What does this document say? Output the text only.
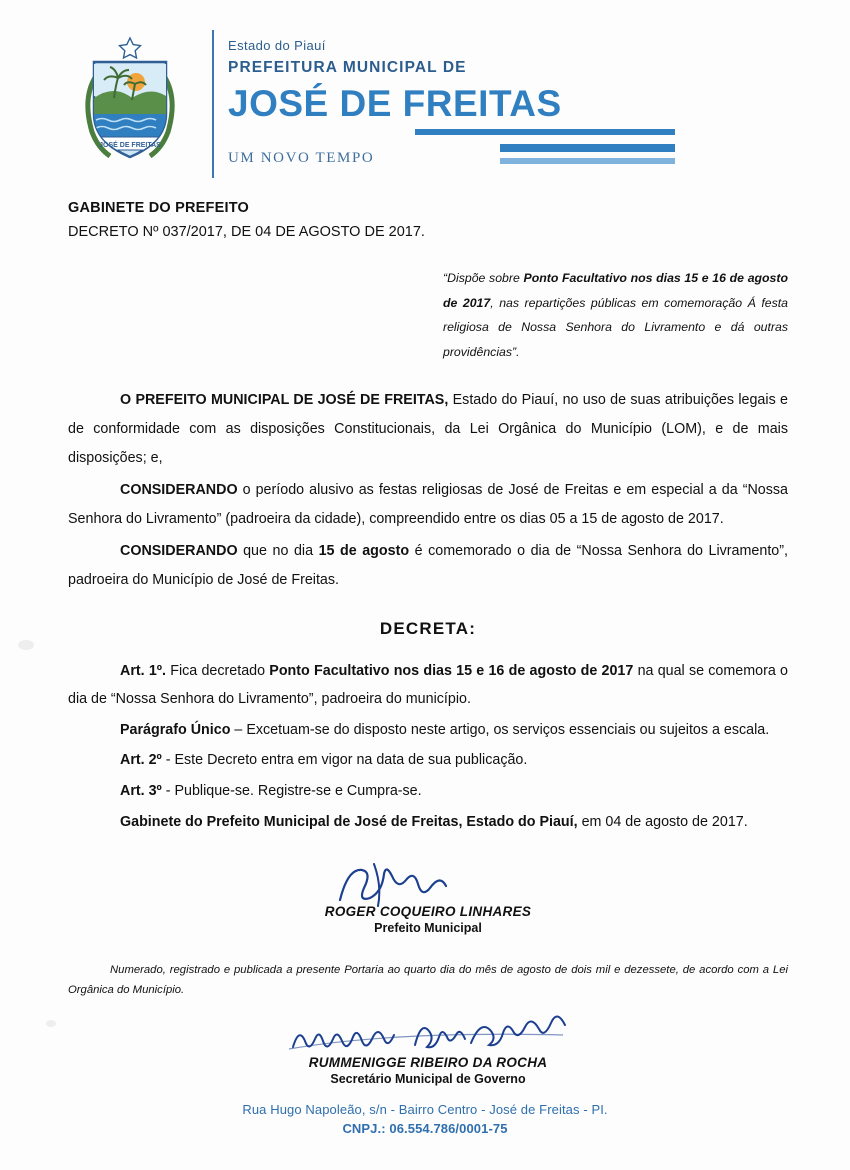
JOSÉ DE FREITAS

Estado do Piauí

PREFEITURA MUNICIPAL DE

JOSÉ DE FREITAS
UM NOVO TEMPO

GABINETE DO PREFEITO

DECRETO Nº 037/2017, DE 04 DE AGOSTO DE 2017.

“Dispõe sobre Ponto Facultativo nos dias 15 e 16 de agosto de 2017, nas repartições públicas em comemoração Á festa religiosa de Nossa Senhora do Livramento e dá outras providências”.

O PREFEITO MUNICIPAL DE JOSÉ DE FREITAS, Estado do Piauí, no uso de suas atribuições legais e de conformidade com as disposições Constitucionais, da Lei Orgânica do Município (LOM), e de mais disposições; e,

CONSIDERANDO o período alusivo as festas religiosas de José de Freitas e em especial a da “Nossa Senhora do Livramento” (padroeira da cidade), compreendido entre os dias 05 a 15 de agosto de 2017.

CONSIDERANDO que no dia 15 de agosto é comemorado o dia de “Nossa Senhora do Livramento”, padroeira do Município de José de Freitas.

DECRETA:

Art. 1º. Fica decretado Ponto Facultativo nos dias 15 e 16 de agosto de 2017 na qual se comemora o dia de “Nossa Senhora do Livramento”, padroeira do município.

Parágrafo Único – Excetuam-se do disposto neste artigo, os serviços essenciais ou sujeitos a escala.

Art. 2º - Este Decreto entra em vigor na data de sua publicação.

Art. 3º - Publique-se. Registre-se e Cumpra-se.

Gabinete do Prefeito Municipal de José de Freitas, Estado do Piauí, em 04 de agosto de 2017.

ROGER COQUEIRO LINHARES

Prefeito Municipal

Numerado, registrado e publicada a presente Portaria ao quarto dia do mês de agosto de dois mil e dezessete, de acordo com a Lei Orgânica do Município.

RUMMENIGGE RIBEIRO DA ROCHA

Secretário Municipal de Governo

Rua Hugo Napoleão, s/n - Bairro Centro - José de Freitas - PI.

CNPJ.: 06.554.786/0001-75
